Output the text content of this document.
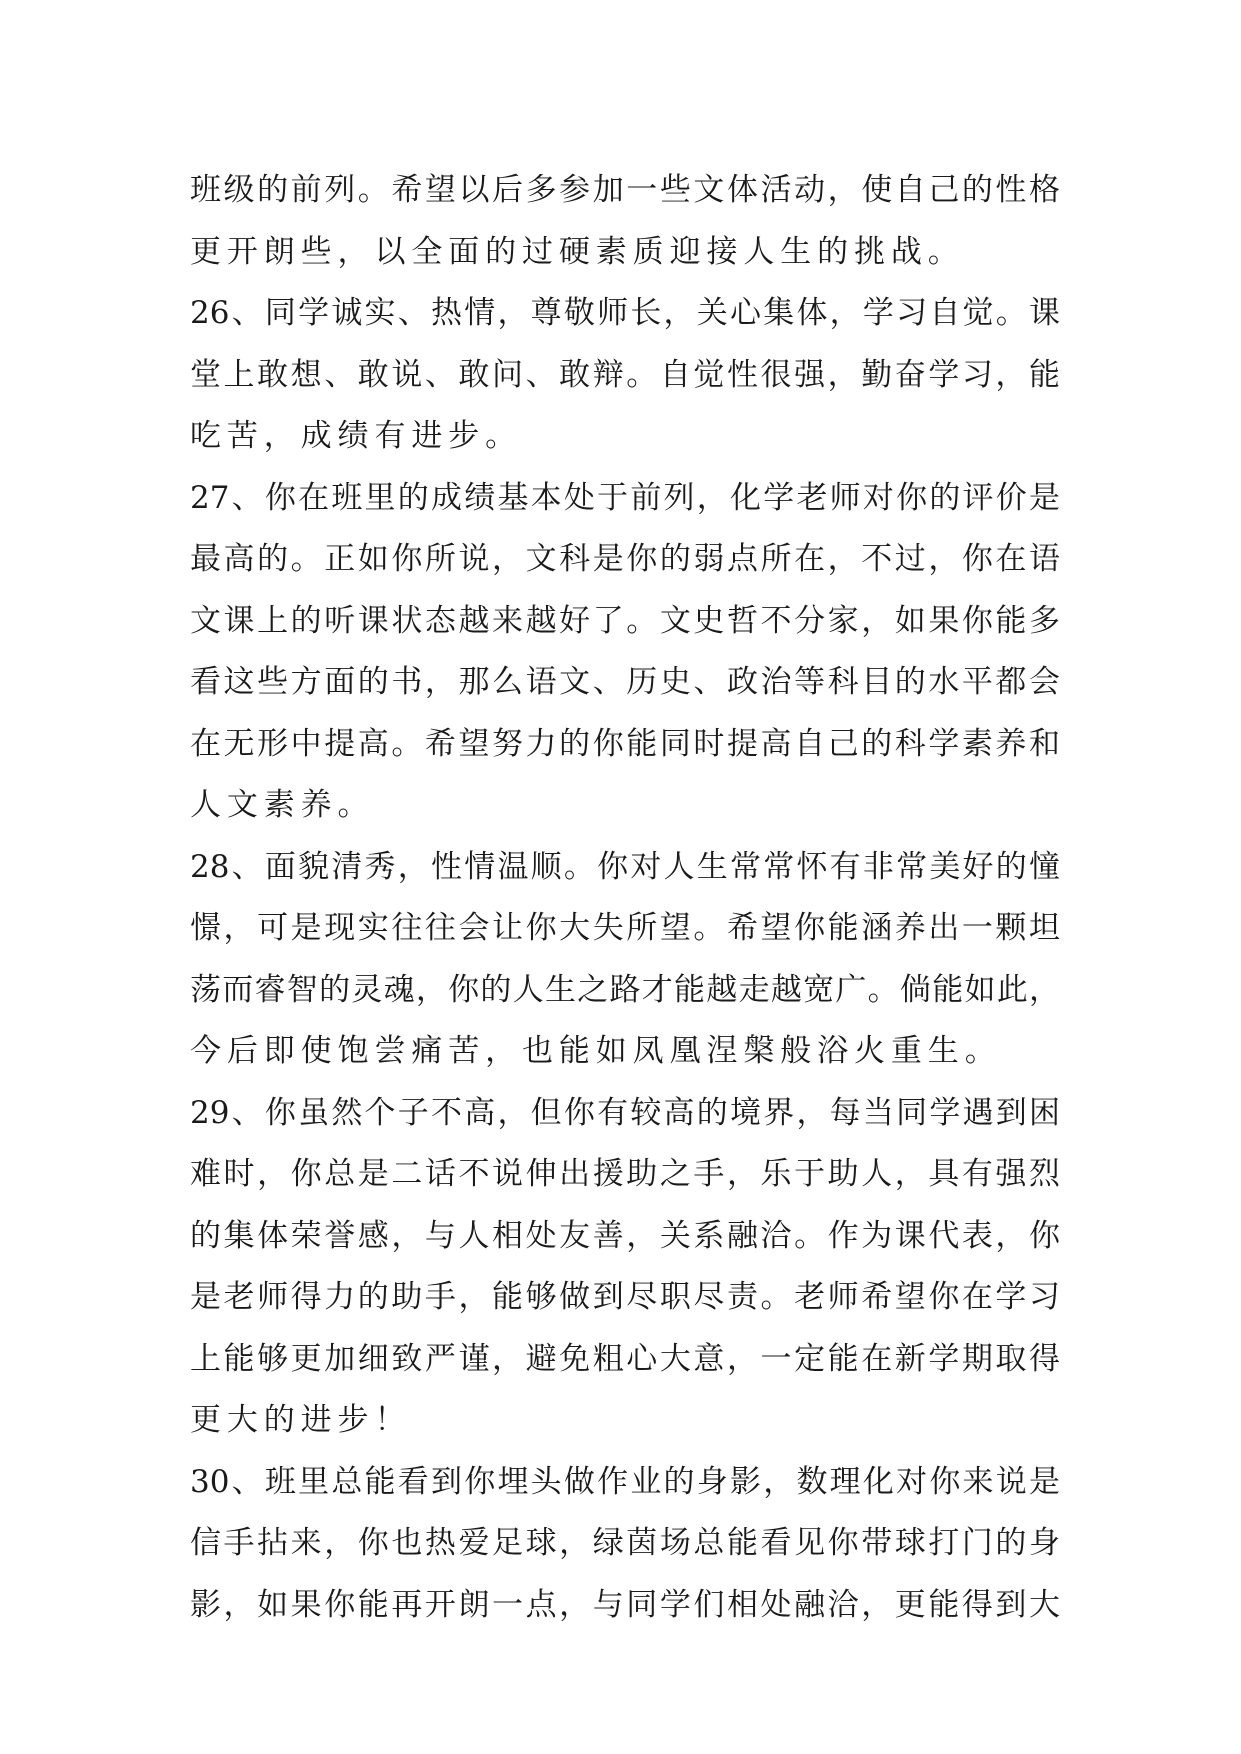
班级的前列。希望以后多参加一些文体活动，使自己的性格
更开朗些，以全面的过硬素质迎接人生的挑战。
26、同学诚实、热情，尊敬师长，关心集体，学习自觉。课
堂上敢想、敢说、敢问、敢辩。自觉性很强，勤奋学习，能
吃苦，成绩有进步。
27、你在班里的成绩基本处于前列，化学老师对你的评价是
最高的。正如你所说，文科是你的弱点所在，不过，你在语
文课上的听课状态越来越好了。文史哲不分家，如果你能多
看这些方面的书，那么语文、历史、政治等科目的水平都会
在无形中提高。希望努力的你能同时提高自己的科学素养和
人文素养。
28、面貌清秀，性情温顺。你对人生常常怀有非常美好的憧
憬，可是现实往往会让你大失所望。希望你能涵养出一颗坦
荡而睿智的灵魂，你的人生之路才能越走越宽广。倘能如此，
今后即使饱尝痛苦，也能如凤凰涅槃般浴火重生。
29、你虽然个子不高，但你有较高的境界，每当同学遇到困
难时，你总是二话不说伸出援助之手，乐于助人，具有强烈
的集体荣誉感，与人相处友善，关系融洽。作为课代表，你
是老师得力的助手，能够做到尽职尽责。老师希望你在学习
上能够更加细致严谨，避免粗心大意，一定能在新学期取得
更大的进步！
30、班里总能看到你埋头做作业的身影，数理化对你来说是
信手拈来，你也热爱足球，绿茵场总能看见你带球打门的身
影，如果你能再开朗一点，与同学们相处融洽，更能得到大
